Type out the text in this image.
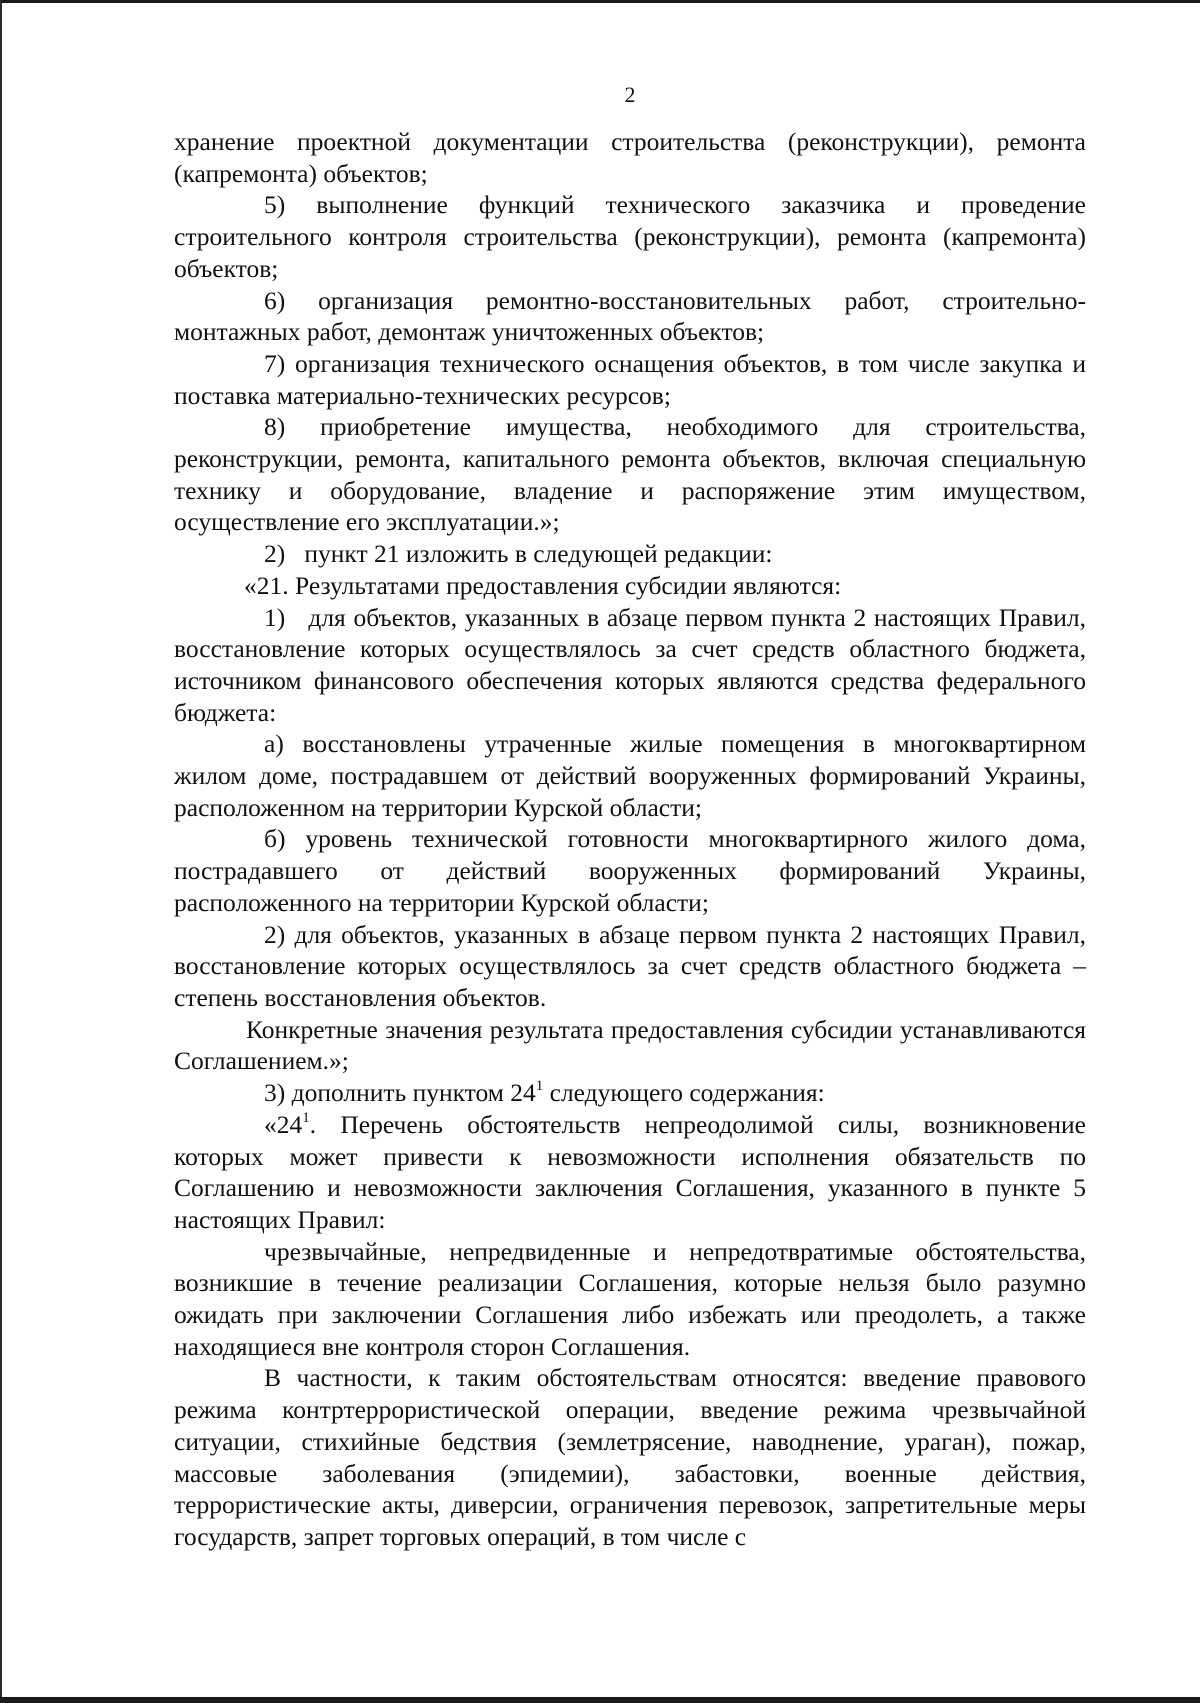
2

хранение проектной документации строительства (реконструкции), ремонта (капремонта) объектов;

5) выполнение функций технического заказчика и проведение строительного контроля строительства (реконструкции), ремонта (капремонта) объектов;

6) организация ремонтно-восстановительных работ, строительно-монтажных работ, демонтаж уничтоженных объектов;

7) организация технического оснащения объектов, в том числе закупка и поставка материально-технических ресурсов;

8) приобретение имущества, необходимого для строительства, реконструкции, ремонта, капитального ремонта объектов, включая специальную технику и оборудование, владение и распоряжение этим имуществом, осуществление его эксплуатации.»;

2)   пункт 21 изложить в следующей редакции:

«21. Результатами предоставления субсидии являются:

1)   для объектов, указанных в абзаце первом пункта 2 настоящих Правил, восстановление которых осуществлялось за счет средств областного бюджета, источником финансового обеспечения которых являются средства федерального бюджета:

а) восстановлены утраченные жилые помещения в многоквартирном жилом доме, пострадавшем от действий вооруженных формирований Украины, расположенном на территории Курской области;

б) уровень технической готовности многоквартирного жилого дома, пострадавшего от действий вооруженных формирований Украины, расположенного на территории Курской области;

2) для объектов, указанных в абзаце первом пункта 2 настоящих Правил, восстановление которых осуществлялось за счет средств областного бюджета – степень восстановления объектов.

Конкретные значения результата предоставления субсидии устанавливаются Соглашением.»;

3) дополнить пунктом $24^1$ следующего содержания:

«$24^1$. Перечень обстоятельств непреодолимой силы, возникновение которых может привести к невозможности исполнения обязательств по Соглашению и невозможности заключения Соглашения, указанного в пункте 5 настоящих Правил:

чрезвычайные, непредвиденные и непредотвратимые обстоятельства, возникшие в течение реализации Соглашения, которые нельзя было разумно ожидать при заключении Соглашения либо избежать или преодолеть, а также находящиеся вне контроля сторон Соглашения.

В частности, к таким обстоятельствам относятся: введение правового режима контртеррористической операции, введение режима чрезвычайной ситуации, стихийные бедствия (землетрясение, наводнение, ураган), пожар, массовые заболевания (эпидемии), забастовки, военные действия, террористические акты, диверсии, ограничения перевозок, запретительные меры государств, запрет торговых операций, в том числе с
